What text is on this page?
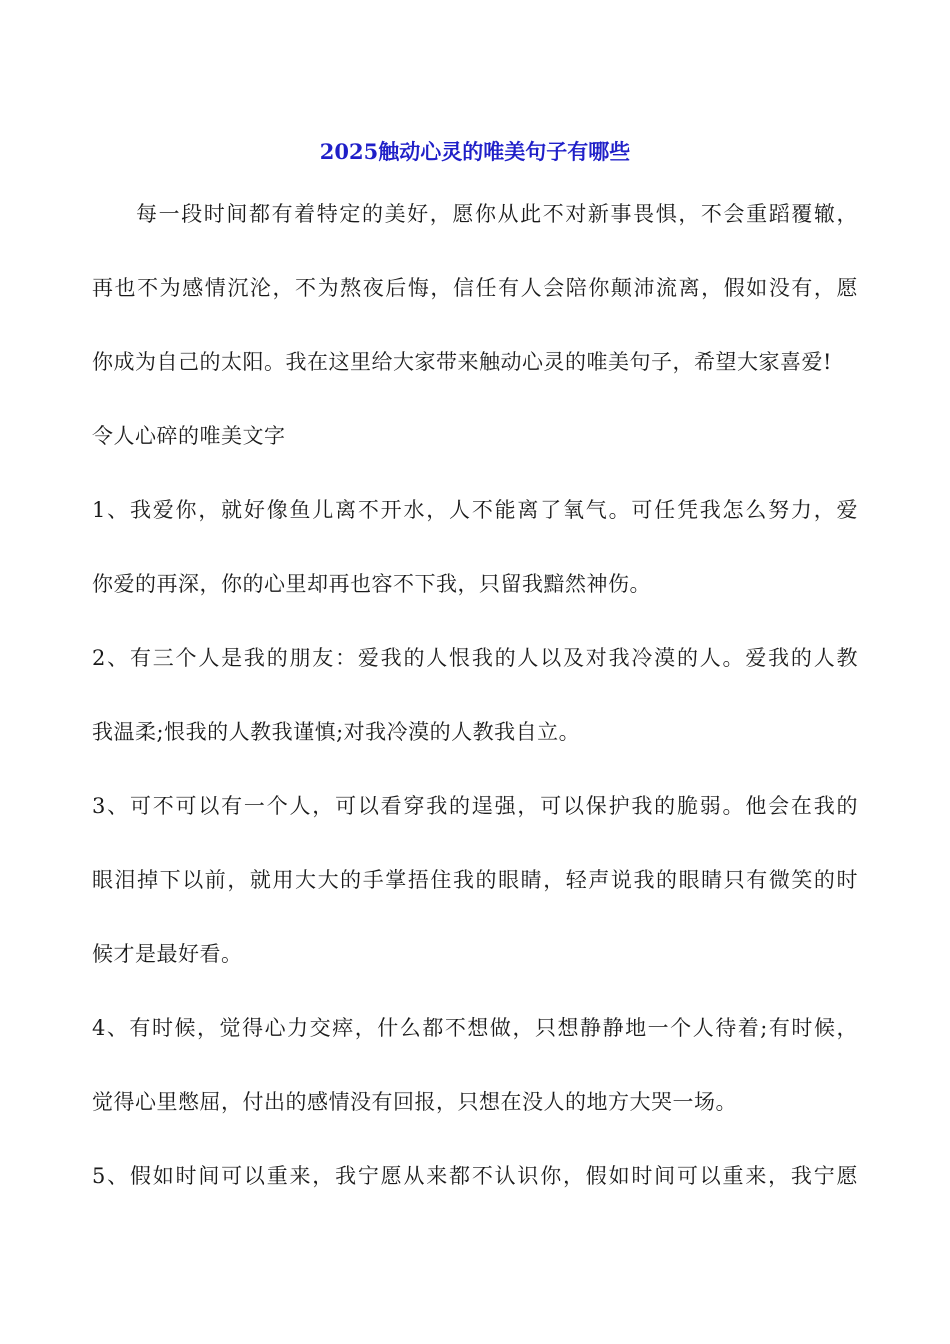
2025触动心灵的唯美句子有哪些

每一段时间都有着特定的美好，愿你从此不对新事畏惧，不会重蹈覆辙，
再也不为感情沉沦，不为熬夜后悔，信任有人会陪你颠沛流离，假如没有，愿
你成为自己的太阳。我在这里给大家带来触动心灵的唯美句子，希望大家喜爱!

令人心碎的唯美文字

1、我爱你，就好像鱼儿离不开水，人不能离了氧气。可任凭我怎么努力，爱
你爱的再深，你的心里却再也容不下我，只留我黯然神伤。

2、有三个人是我的朋友：爱我的人恨我的人以及对我冷漠的人。爱我的人教
我温柔;恨我的人教我谨慎;对我冷漠的人教我自立。

3、可不可以有一个人，可以看穿我的逞强，可以保护我的脆弱。他会在我的
眼泪掉下以前，就用大大的手掌捂住我的眼睛，轻声说我的眼睛只有微笑的时
候才是最好看。

4、有时候，觉得心力交瘁，什么都不想做，只想静静地一个人待着;有时候，
觉得心里憋屈，付出的感情没有回报，只想在没人的地方大哭一场。

5、假如时间可以重来，我宁愿从来都不认识你，假如时间可以重来，我宁愿
